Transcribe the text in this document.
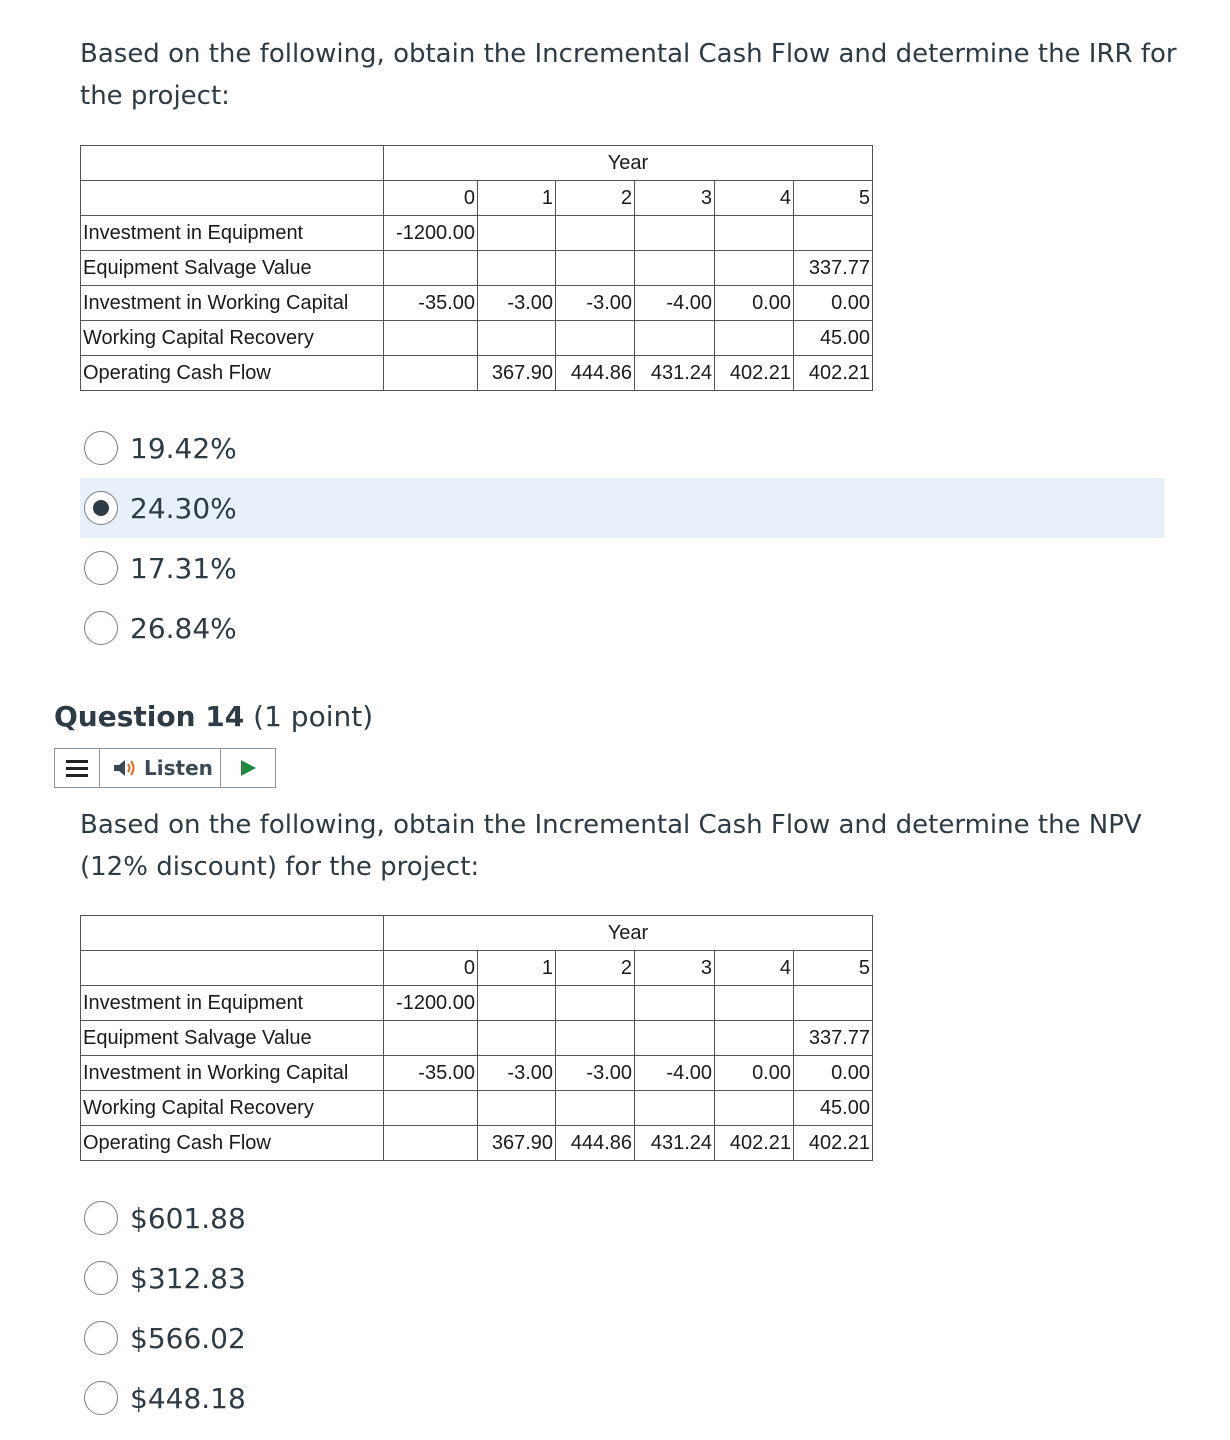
Based on the following, obtain the Incremental Cash Flow and determine the IRR for the project:

	Year					
	0	1	2	3	4	5
Investment in Equipment	-1200.00					
Equipment Salvage Value						337.77
Investment in Working Capital	-35.00	-3.00	-3.00	-4.00	0.00	0.00
Working Capital Recovery						45.00
Operating Cash Flow		367.90	444.86	431.24	402.21	402.21
19.42%
24.30%
17.31%
26.84%

Question 14 (1 point)

Listen

Based on the following, obtain the Incremental Cash Flow and determine the NPV (12% discount) for the project:

	Year					
	0	1	2	3	4	5
Investment in Equipment	-1200.00					
Equipment Salvage Value						337.77
Investment in Working Capital	-35.00	-3.00	-3.00	-4.00	0.00	0.00
Working Capital Recovery						45.00
Operating Cash Flow		367.90	444.86	431.24	402.21	402.21
$601.88
$312.83
$566.02
$448.18
